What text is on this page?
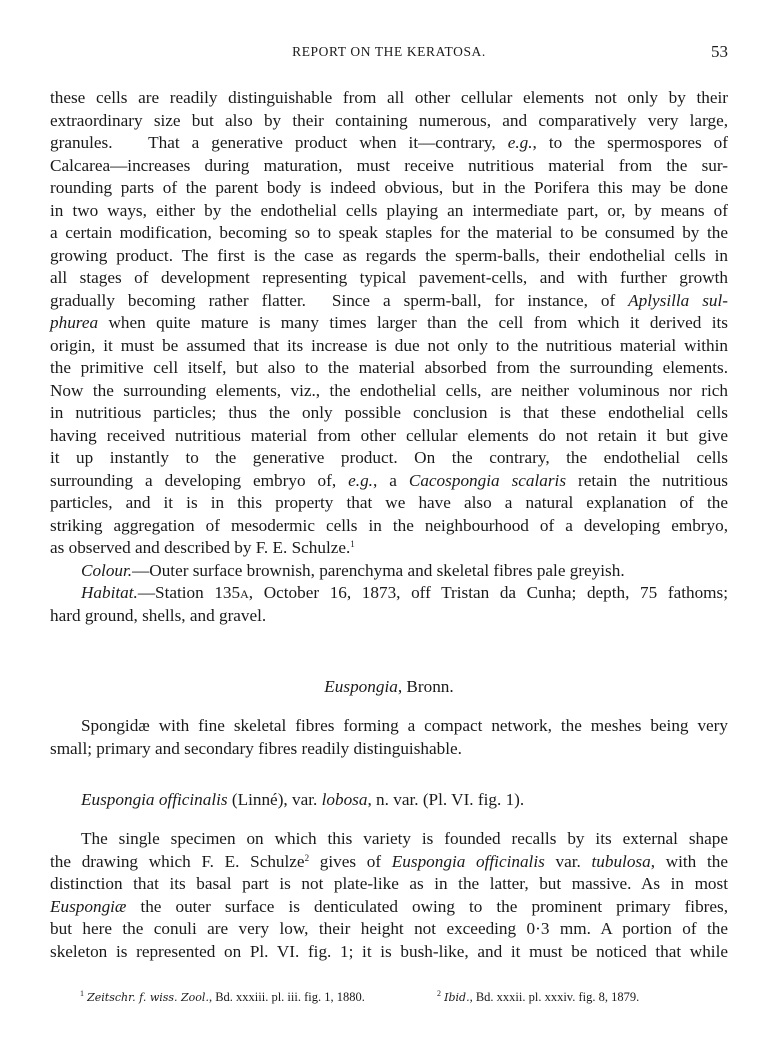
REPORT ON THE KERATOSA.	53
these cells are readily distinguishable from all other cellular elements not only by their
extraordinary size but also by their containing numerous, and comparatively very large,
granules.   That a generative product when it—contrary, e.g., to the spermospores of
Calcarea—increases during maturation, must receive nutritious material from the sur-
rounding parts of the parent body is indeed obvious, but in the Porifera this may be done
in two ways, either by the endothelial cells playing an intermediate part, or, by means of
a certain modification, becoming so to speak staples for the material to be consumed by the
growing product. The first is the case as regards the sperm-balls, their endothelial cells in
all stages of development representing typical pavement-cells, and with further growth
gradually becoming rather flatter.  Since a sperm-ball, for instance, of Aplysilla sul-
phurea when quite mature is many times larger than the cell from which it derived its
origin, it must be assumed that its increase is due not only to the nutritious material within
the primitive cell itself, but also to the material absorbed from the surrounding elements.
Now the surrounding elements, viz., the endothelial cells, are neither voluminous nor rich
in nutritious particles; thus the only possible conclusion is that these endothelial cells
having received nutritious material from other cellular elements do not retain it but give
it up instantly to the generative product. On the contrary, the endothelial cells
surrounding a developing embryo of, e.g., a Cacospongia scalaris retain the nutritious
particles, and it is in this property that we have also a natural explanation of the
striking aggregation of mesodermic cells in the neighbourhood of a developing embryo,
as observed and described by F. E. Schulze.$^1$
Colour.—Outer surface brownish, parenchyma and skeletal fibres pale greyish.
Habitat.—Station 135A, October 16, 1873, off Tristan da Cunha; depth, 75 fathoms;
hard ground, shells, and gravel.
Euspongia, Bronn.
Spongidæ with fine skeletal fibres forming a compact network, the meshes being very
small; primary and secondary fibres readily distinguishable.
Euspongia officinalis (Linné), var. lobosa, n. var. (Pl. VI. fig. 1).
The single specimen on which this variety is founded recalls by its external shape
the drawing which F. E. Schulze$^2$ gives of Euspongia officinalis var. tubulosa, with the
distinction that its basal part is not plate-like as in the latter, but massive. As in most
Euspongiæ the outer surface is denticulated owing to the prominent primary fibres,
but here the conuli are very low, their height not exceeding 0·3 mm. A portion of the
skeleton is represented on Pl. VI. fig. 1; it is bush-like, and it must be noticed that while
$^1$ Zeitschr. f. wiss. Zool., Bd. xxxiii. pl. iii. fig. 1, 1880.	$^2$ Ibid., Bd. xxxii. pl. xxxiv. fig. 8, 1879.
